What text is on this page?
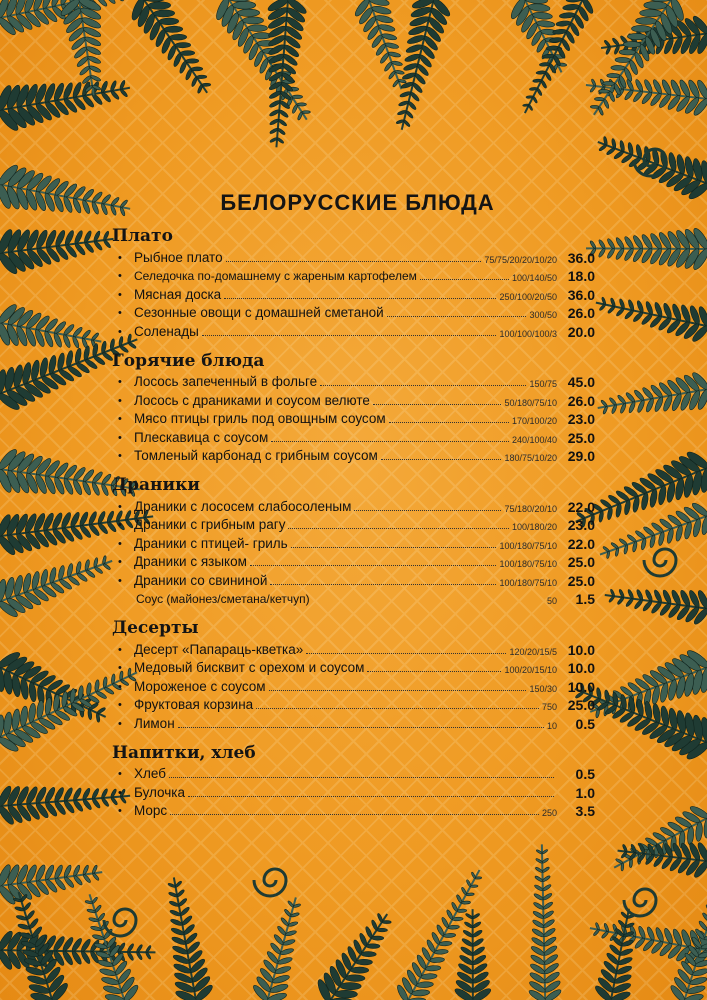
БЕЛОРУССКИЕ БЛЮДА
Плато
• Рыбное плато	75/75/20/20/10/20 36.0
•	Селедочка по-домашнему с жареным картофелем	100/140/50 18.0
• Мясная доска	250/100/20/50 36.0
• Сезонные овощи с домашней сметаной	300/50 26.0
• Соленады	100/100/100/3 20.0
Горячие блюда
• Лосось запеченный в фольге	150/75 45.0
• Лосось с драниками и соусом велюте	50/180/75/10 26.0
• Мясо птицы гриль под овощным соусом	170/100/20 23.0
• Плескавица с соусом	240/100/40 25.0
• Томленый карбонад с грибным соусом	180/75/10/20 29.0
Драники
• Драники с лососем слабосоленым	75/180/20/10 22.0
• Драники с грибным рагу	100/180/20 23.0
• Драники с птицей- гриль	100/180/75/10 22.0
• Драники с языком	100/180/75/10 25.0
• Драники со свининой	100/180/75/10 25.0
Соус (майонез/сметана/кетчуп)	50	1.5
Десерты
• Десерт «Папараць-кветка»	120/20/15/5 10.0
• Медовый бисквит с орехом и соусом	100/20/15/10 10.0
• Мороженое с соусом	150/30 10.0
• Фруктовая корзина	750 25.0
• Лимон	10	0.5
Напитки, хлеб
• Хлеб	0.5
• Булочка	1.0
• Морс	250	3.5
